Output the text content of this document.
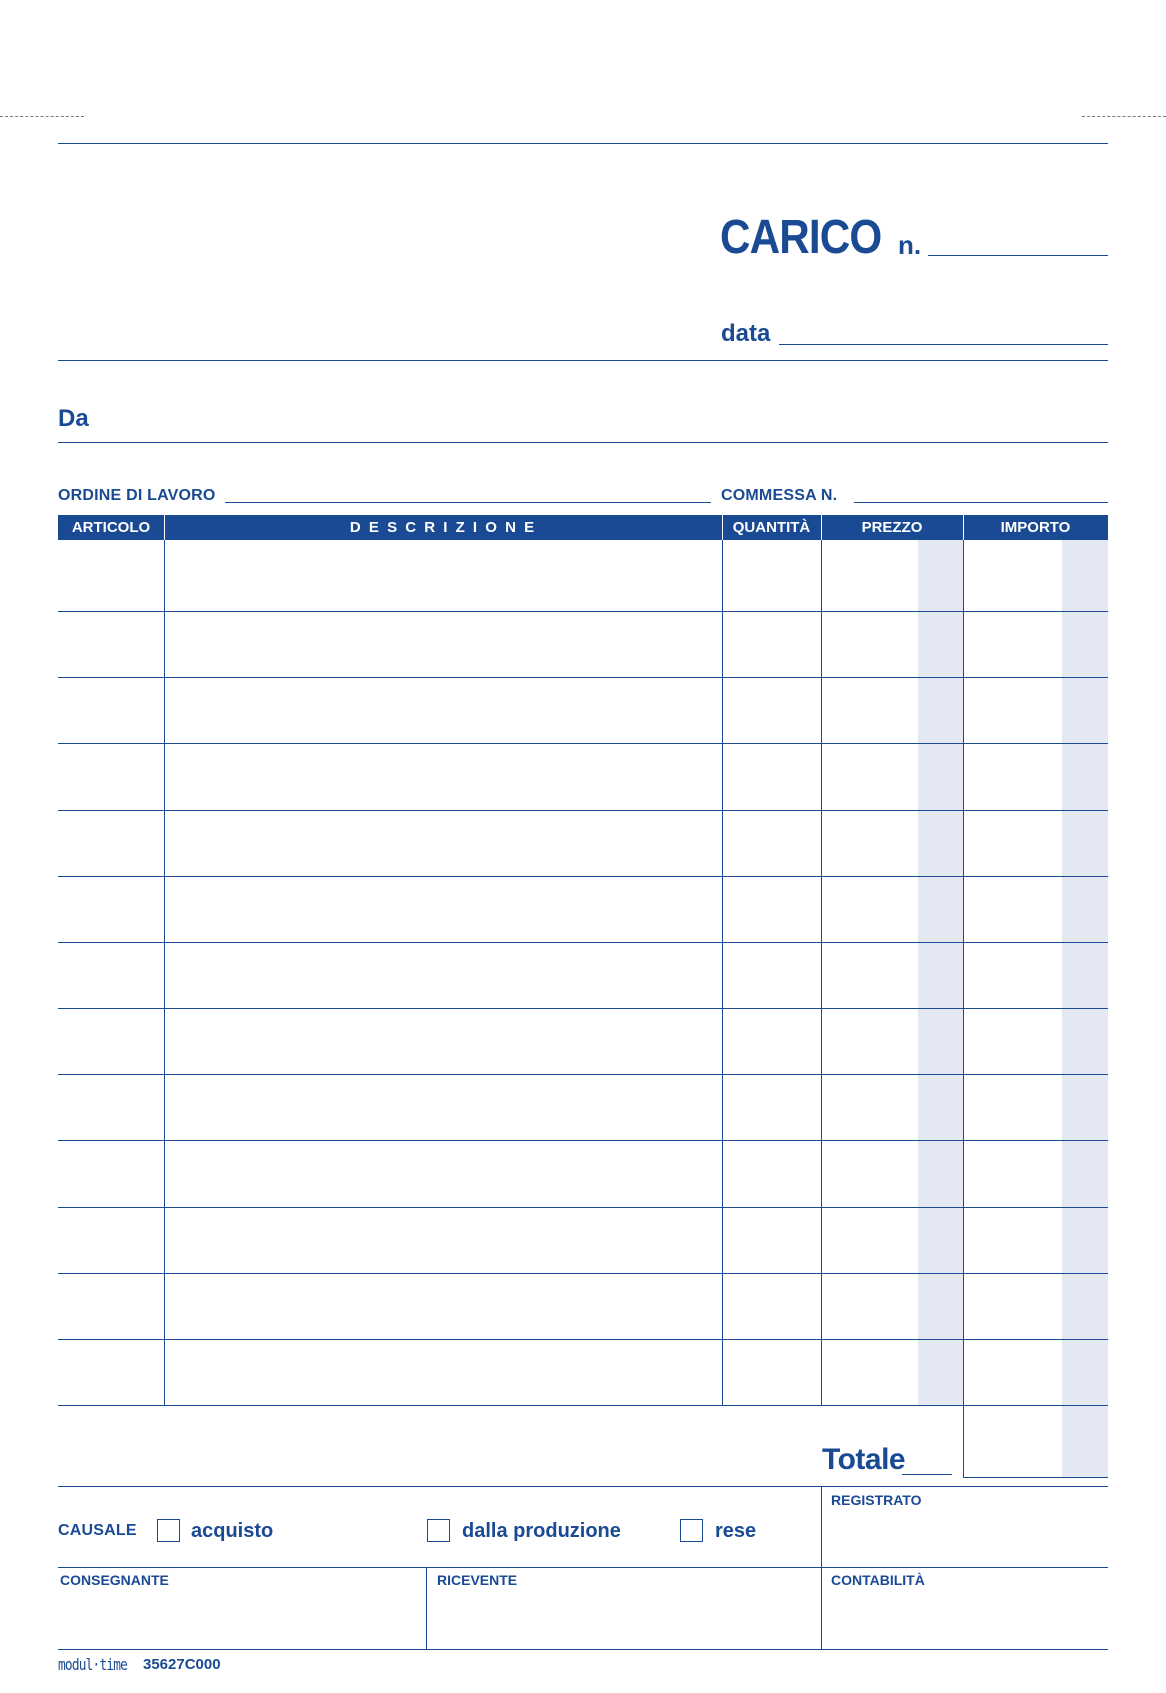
CARICO n.
data
Da
ORDINE DI LAVORO	COMMESSA N.
ARTICOLO	D E S C R I Z I O N E	QUANTITÀ	PREZZO	IMPORTO
Totale
CAUSALE	acquisto	dalla produzione	rese
REGISTRATO
CONSEGNANTE	RICEVENTE	CONTABILITÀ
modul·time 35627C000
